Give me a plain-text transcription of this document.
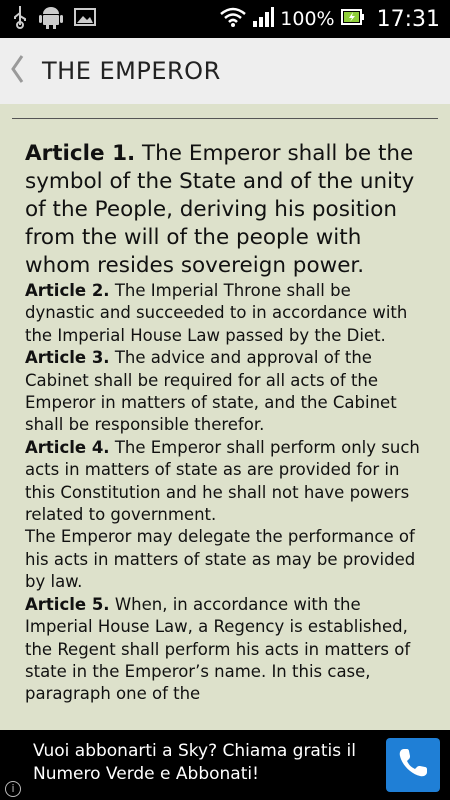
100% 17:31
THE EMPEROR

Article 1. The Emperor shall be the symbol of the State and of the unity of the People, deriving his position from the will of the people with whom resides sovereign power.

Article 2. The Imperial Throne shall be dynastic and succeeded to in accordance with the Imperial House Law passed by the Diet.

Article 3. The advice and approval of the Cabinet shall be required for all acts of the Emperor in matters of state, and the Cabinet shall be responsible therefor.

Article 4. The Emperor shall perform only such acts in matters of state as are provided for in this Constitution and he shall not have powers related to government.

The Emperor may delegate the performance of his acts in matters of state as may be provided by law.

Article 5. When, in accordance with the Imperial House Law, a Regency is established, the Regent shall perform his acts in matters of state in the Emperor’s name. In this case, paragraph one of the

Vuoi abbonarti a Sky? Chiama gratis il Numero Verde e Abbonati!
i
